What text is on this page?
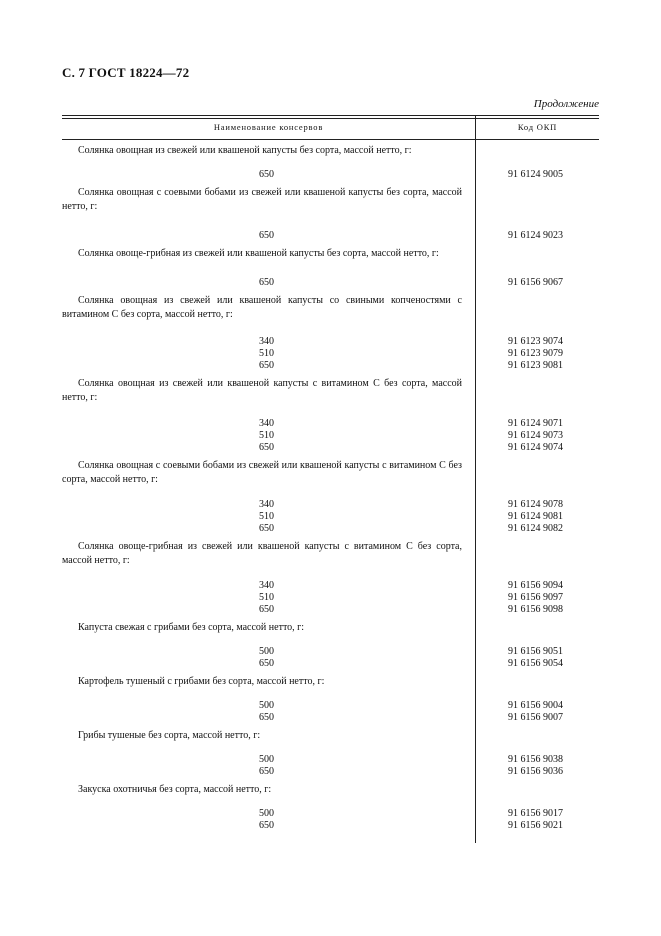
С. 7 ГОСТ 18224—72
Продолжение
Наименование консервов	Код ОКП
Солянка овощная из свежей или квашеной капусты без сорта, массой нетто, г:
650	91 6124 9005
Солянка овощная с соевыми бобами из свежей или квашеной капусты без сорта, массой нетто, г:
650	91 6124 9023
Солянка овоще-грибная из свежей или квашеной капусты без сорта, массой нетто, г:
650	91 6156 9067
Солянка овощная из свежей или квашеной капусты со свиными копченостями с витамином С без сорта, массой нетто, г:
340	91 6123 9074
510	91 6123 9079
650	91 6123 9081
Солянка овощная из свежей или квашеной капусты с витамином С без сорта, массой нетто, г:
340	91 6124 9071
510	91 6124 9073
650	91 6124 9074
Солянка овощная с соевыми бобами из свежей или квашеной капусты с витамином С без сорта, массой нетто, г:
340	91 6124 9078
510	91 6124 9081
650	91 6124 9082
Солянка овоще-грибная из свежей или квашеной капусты с витамином С без сорта, массой нетто, г:
340	91 6156 9094
510	91 6156 9097
650	91 6156 9098
Капуста свежая с грибами без сорта, массой нетто, г:
500	91 6156 9051
650	91 6156 9054
Картофель тушеный с грибами без сорта, массой нетто, г:
500	91 6156 9004
650	91 6156 9007
Грибы тушеные без сорта, массой нетто, г:
500	91 6156 9038
650	91 6156 9036
Закуска охотничья без сорта, массой нетто, г:
500	91 6156 9017
650	91 6156 9021
